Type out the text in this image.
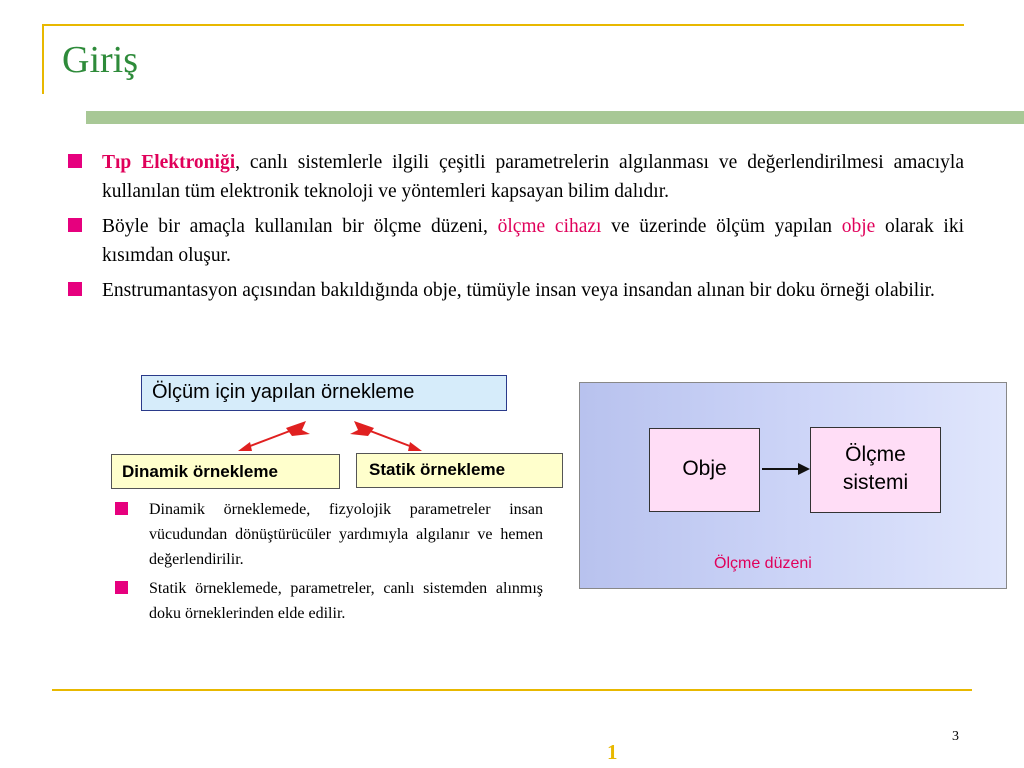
Giriş
Tıp Elektroniği, canlı sistemlerle ilgili çeşitli parametrelerin algılanması ve değerlendirilmesi amacıyla kullanılan tüm elektronik teknoloji ve yöntemleri kapsayan bilim dalıdır.
Böyle bir amaçla kullanılan bir ölçme düzeni, ölçme cihazı ve üzerinde ölçüm yapılan obje olarak iki kısımdan oluşur.
Enstrumantasyon açısından bakıldığında obje, tümüyle insan veya insandan alınan bir doku örneği olabilir.
Ölçüm için yapılan örnekleme
Dinamik örnekleme	Statik örnekleme
Dinamik örneklemede, fizyolojik parametreler insan vücudundan dönüştürücüler yardımıyla algılanır ve hemen değerlendirilir.
Statik örneklemede, parametreler, canlı sistemden alınmış doku örneklerinden elde edilir.
Obje
Ölçme
sistemi
Ölçme düzeni
3
1
